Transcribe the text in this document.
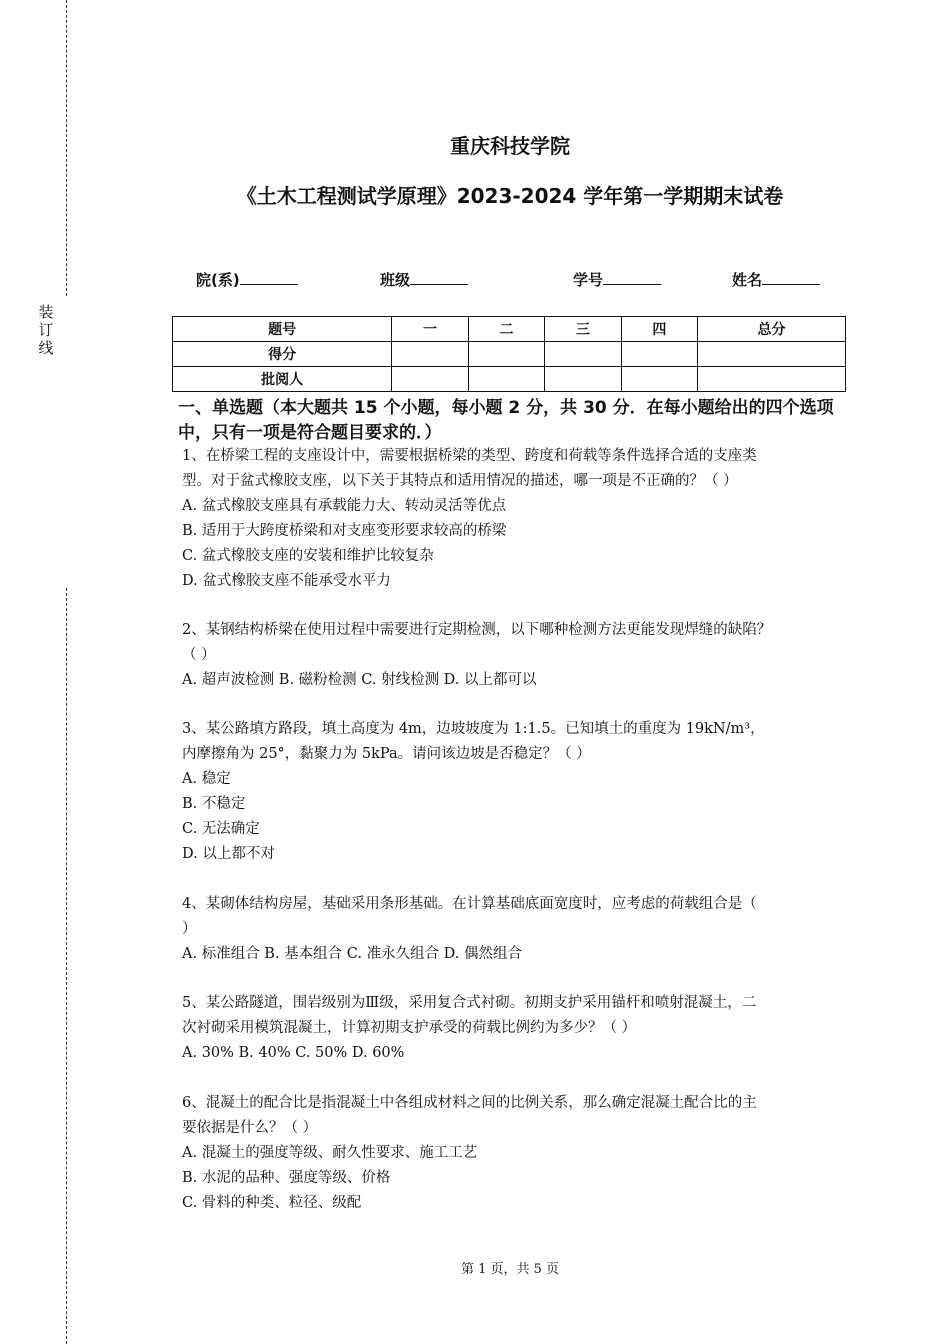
装
订
线
重庆科技学院
《土木工程测试学原理》2023-2024 学年第一学期期末试卷
院(系)	班级	学号	姓名
题号	一	二	三	四	总分
得分					
批阅人					
一、单选题（本大题共 15 个小题，每小题 2 分，共 30 分．在每小题给出的四个选项中，只有一项是符合题目要求的．）

1、在桥梁工程的支座设计中，需要根据桥梁的类型、跨度和荷载等条件选择合适的支座类

型。对于盆式橡胶支座，以下关于其特点和适用情况的描述，哪一项是不正确的？（ ）

A. 盆式橡胶支座具有承载能力大、转动灵活等优点

B. 适用于大跨度桥梁和对支座变形要求较高的桥梁

C. 盆式橡胶支座的安装和维护比较复杂

D. 盆式橡胶支座不能承受水平力

2、某钢结构桥梁在使用过程中需要进行定期检测，以下哪种检测方法更能发现焊缝的缺陷？

（ ）

A. 超声波检测 B. 磁粉检测 C. 射线检测 D. 以上都可以

3、某公路填方路段，填土高度为 4m，边坡坡度为 1:1.5。已知填土的重度为 19kN/m³，

内摩擦角为 25°，黏聚力为 5kPa。请问该边坡是否稳定？（ ）

A. 稳定

B. 不稳定

C. 无法确定

D. 以上都不对

4、某砌体结构房屋，基础采用条形基础。在计算基础底面宽度时，应考虑的荷载组合是（

）

A. 标准组合 B. 基本组合 C. 准永久组合 D. 偶然组合

5、某公路隧道，围岩级别为Ⅲ级，采用复合式衬砌。初期支护采用锚杆和喷射混凝土，二

次衬砌采用模筑混凝土，计算初期支护承受的荷载比例约为多少？（ ）

A. 30% B. 40% C. 50% D. 60%

6、混凝土的配合比是指混凝土中各组成材料之间的比例关系，那么确定混凝土配合比的主

要依据是什么？（ ）

A. 混凝土的强度等级、耐久性要求、施工工艺

B. 水泥的品种、强度等级、价格

C. 骨料的种类、粒径、级配

第 1 页，共 5 页
